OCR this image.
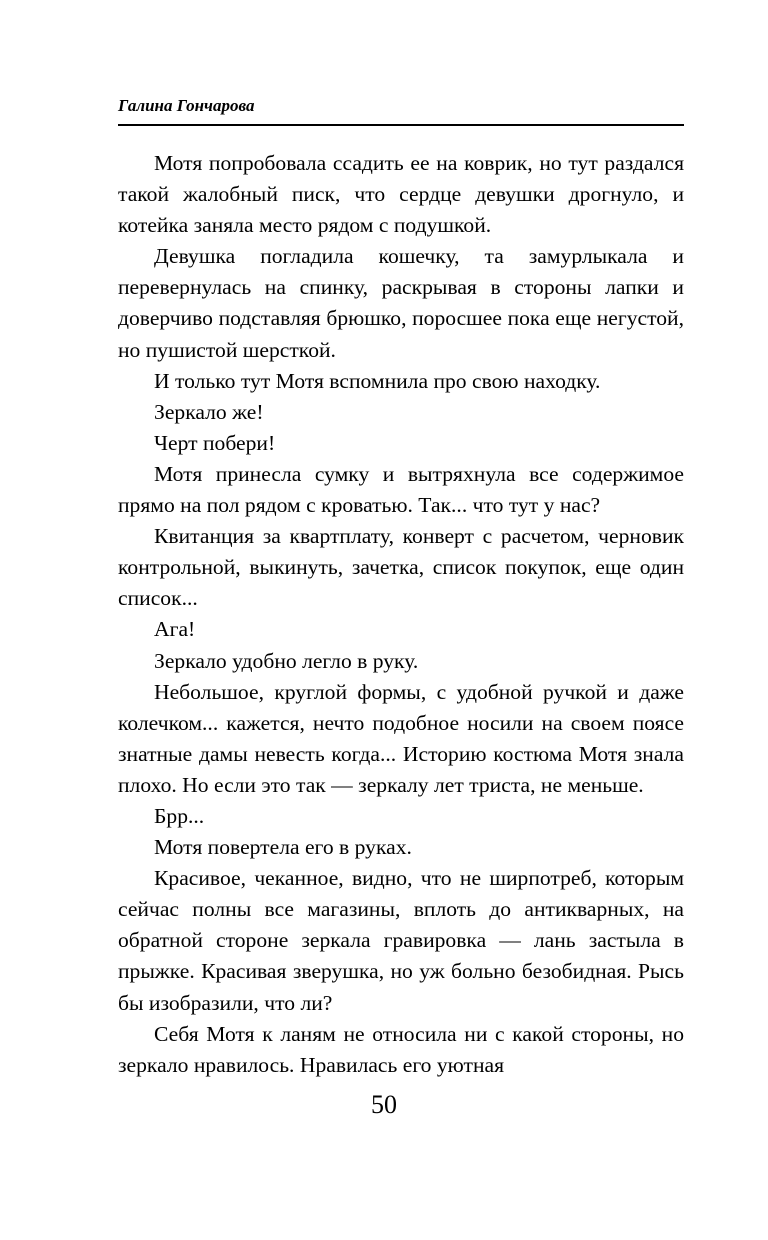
Галина Гончарова

Мотя попробовала ссадить ее на коврик, но тут раздался такой жалобный писк, что сердце девушки дрогнуло, и котейка заняла место рядом с подушкой.

Девушка погладила кошечку, та замурлыкала и перевернулась на спинку, раскрывая в стороны лапки и доверчиво подставляя брюшко, поросшее пока еще негустой, но пушистой шерсткой.

И только тут Мотя вспомнила про свою находку.

Зеркало же!

Черт побери!

Мотя принесла сумку и вытряхнула все содержимое прямо на пол рядом с кроватью. Так... что тут у нас?

Квитанция за квартплату, конверт с расчетом, черновик контрольной, выкинуть, зачетка, список покупок, еще один список...

Ага!

Зеркало удобно легло в руку.

Небольшое, круглой формы, с удобной ручкой и даже колечком... кажется, нечто подобное носили на своем поясе знатные дамы невесть когда... Историю костюма Мотя знала плохо. Но если это так — зеркалу лет триста, не меньше.

Брр...

Мотя повертела его в руках.

Красивое, чеканное, видно, что не ширпотреб, которым сейчас полны все магазины, вплоть до антикварных, на обратной стороне зеркала гравировка — лань застыла в прыжке. Красивая зверушка, но уж больно безобидная. Рысь бы изобразили, что ли?

Себя Мотя к ланям не относила ни с какой стороны, но зеркало нравилось. Нравилась его уютная

50
